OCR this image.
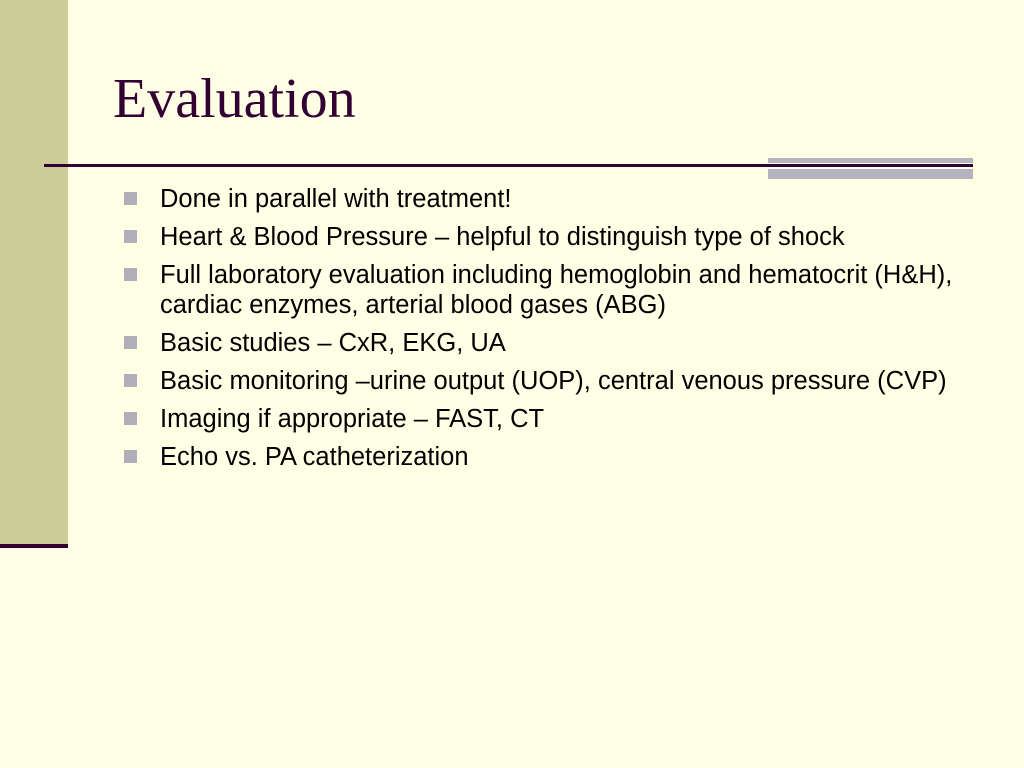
Evaluation
Done in parallel with treatment!
Heart & Blood Pressure – helpful to distinguish type of shock
Full laboratory evaluation including hemoglobin and hematocrit (H&H), cardiac enzymes, arterial blood gases (ABG)
Basic studies – CxR, EKG, UA
Basic monitoring –urine output (UOP), central venous pressure (CVP)
Imaging if appropriate – FAST, CT
Echo vs. PA catheterization
